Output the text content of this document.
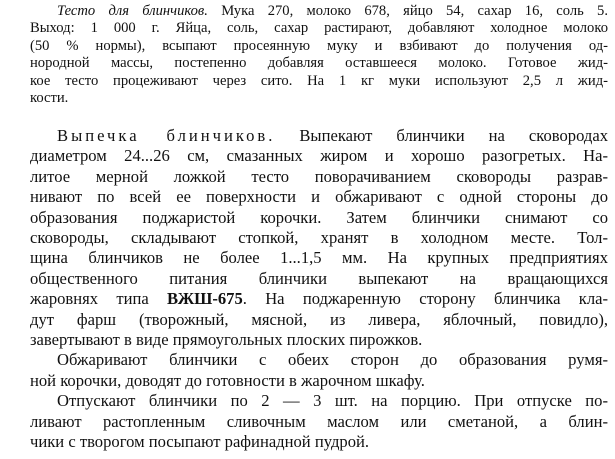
Тесто для блинчиков. Мука 270, молоко 678, яйцо 54, сахар 16, соль 5.
Выход: 1 000 г. Яйца, соль, сахар растирают, добавляют холодное молоко
(50 % нормы), всыпают просеянную муку и взбивают до получения од-
нородной массы, постепенно добавляя оставшееся молоко. Готовое жид-
кое тесто процеживают через сито. На 1 кг муки используют 2,5 л жид-
кости.
Выпечка блинчиков. Выпекают блинчики на сковородах
диаметром 24...26 см, смазанных жиром и хорошо разогретых. На-
литое мерной ложкой тесто поворачиванием сковороды разрав-
нивают по всей ее поверхности и обжаривают с одной стороны до
образования поджаристой корочки. Затем блинчики снимают со
сковороды, складывают стопкой, хранят в холодном месте. Тол-
щина блинчиков не более 1...1,5 мм. На крупных предприятиях
общественного питания блинчики выпекают на вращающихся
жаровнях типа ВЖШ-675. На поджаренную сторону блинчика кла-
дут фарш (творожный, мясной, из ливера, яблочный, повидло),
завертывают в виде прямоугольных плоских пирожков.
Обжаривают блинчики с обеих сторон до образования румя-
ной корочки, доводят до готовности в жарочном шкафу.
Отпускают блинчики по 2 — 3 шт. на порцию. При отпуске по-
ливают растопленным сливочным маслом или сметаной, а блин-
чики с творогом посыпают рафинадной пудрой.
